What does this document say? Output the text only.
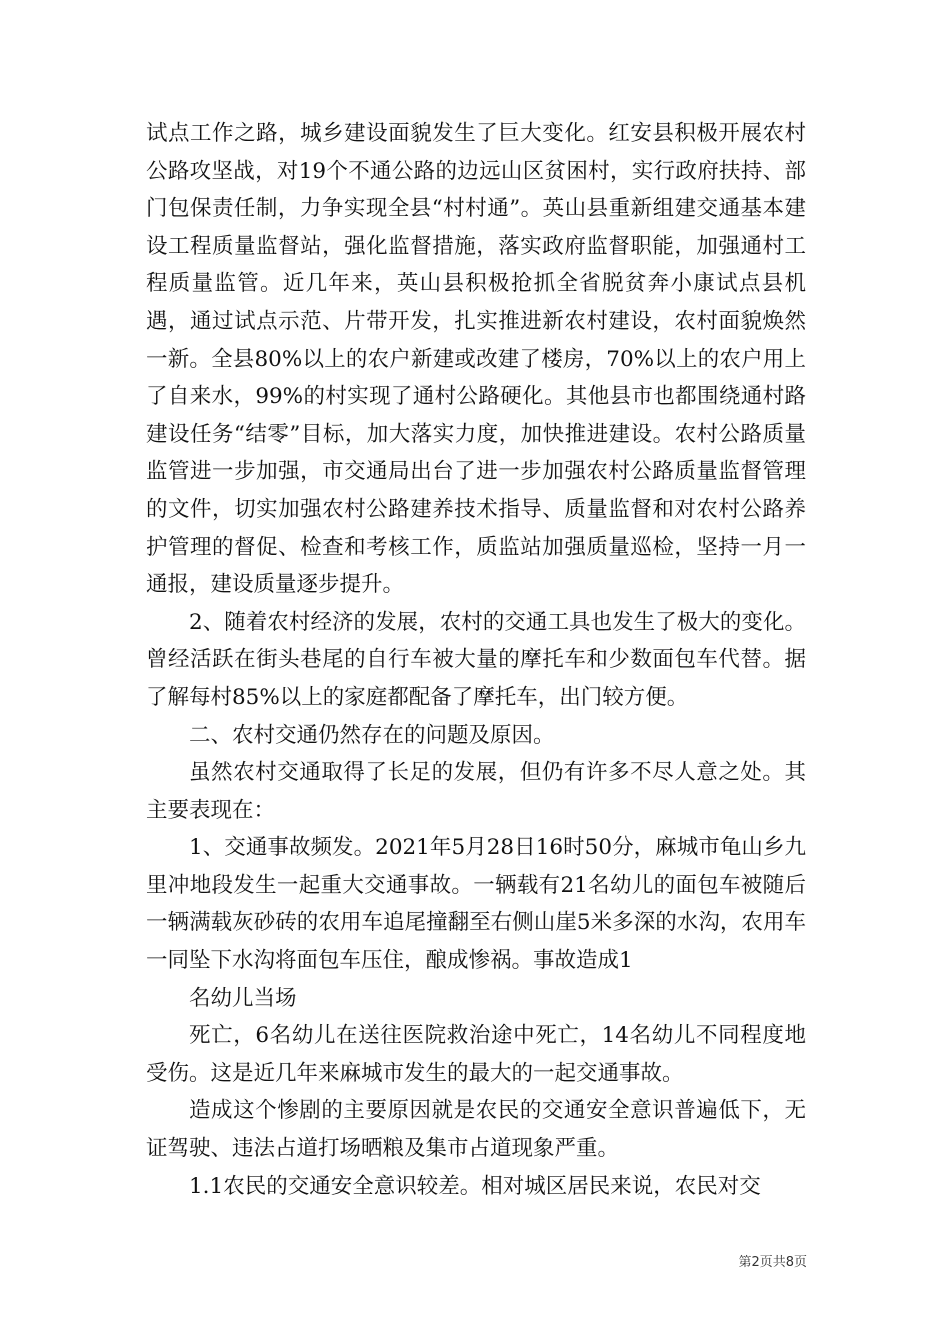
试点工作之路，城乡建设面貌发生了巨大变化。红安县积极开展农村公路攻坚战，对19个不通公路的边远山区贫困村，实行政府扶持、部门包保责任制，力争实现全县“村村通”。英山县重新组建交通基本建设工程质量监督站，强化监督措施，落实政府监督职能，加强通村工程质量监管。近几年来，英山县积极抢抓全省脱贫奔小康试点县机遇，通过试点示范、片带开发，扎实推进新农村建设，农村面貌焕然一新。全县80%以上的农户新建或改建了楼房，70%以上的农户用上了自来水，99%的村实现了通村公路硬化。其他县市也都围绕通村路建设任务“结零”目标，加大落实力度，加快推进建设。农村公路质量监管进一步加强，市交通局出台了进一步加强农村公路质量监督管理的文件，切实加强农村公路建养技术指导、质量监督和对农村公路养护管理的督促、检查和考核工作，质监站加强质量巡检，坚持一月一通报，建设质量逐步提升。

2、随着农村经济的发展，农村的交通工具也发生了极大的变化。曾经活跃在街头巷尾的自行车被大量的摩托车和少数面包车代替。据了解每村85%以上的家庭都配备了摩托车，出门较方便。

二、农村交通仍然存在的问题及原因。

虽然农村交通取得了长足的发展，但仍有许多不尽人意之处。其主要表现在：

1、交通事故频发。2021年5月28日16时50分，麻城市龟山乡九里冲地段发生一起重大交通事故。一辆载有21名幼儿的面包车被随后一辆满载灰砂砖的农用车追尾撞翻至右侧山崖5米多深的水沟，农用车一同坠下水沟将面包车压住，酿成惨祸。事故造成1

名幼儿当场

死亡，6名幼儿在送往医院救治途中死亡，14名幼儿不同程度地受伤。这是近几年来麻城市发生的最大的一起交通事故。

造成这个惨剧的主要原因就是农民的交通安全意识普遍低下，无证驾驶、违法占道打场晒粮及集市占道现象严重。

1.1农民的交通安全意识较差。相对城区居民来说，农民对交

第2页共8页
